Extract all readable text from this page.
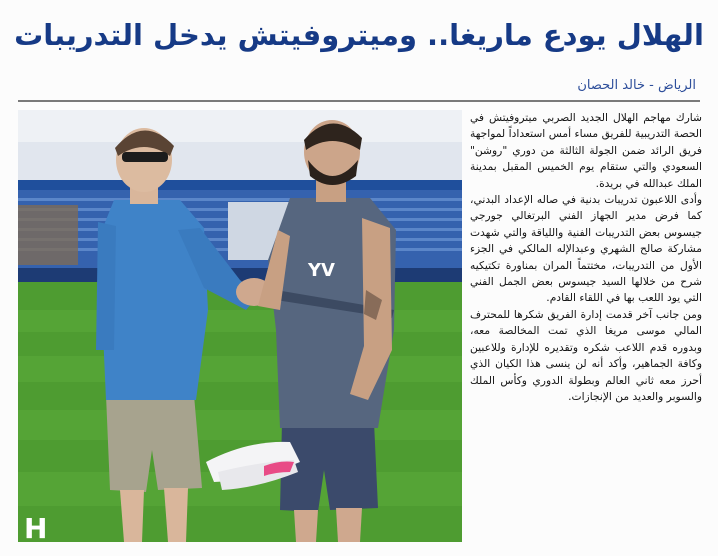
الهلال يودع ماريغا.. وميتروفيتش يدخل التدريبات
الرياض - خالد الحصان
YV
H

شارك مهاجم الهلال الجديد الصربي ميتروفيتش في الحصة التدريبية للفريق مساء أمس استعداداً لمواجهة فريق الرائد ضمن الجولة الثالثة من دوري "روشن" السعودي والتي ستقام يوم الخميس المقبل بمدينة الملك عبدالله في بريدة.

وأدى اللاعبون تدريبات بدنية في صاله الإعداد البدني، كما فرض مدير الجهاز الفني البرتغالي جورجي جيسوس بعض التدريبات الفنية واللياقة والتي شهدت مشاركة صالح الشهري وعبدالإله المالكي في الجزء الأول من التدريبات، مختتماً المران بمناورة تكتيكيه شرح من خلالها السيد جيسوس بعض الجمل الفني التي يود اللعب بها في اللقاء القادم.

ومن جانب آخر قدمت إدارة الفريق شكرها للمحترف المالي موسى مريغا الذي تمت المخالصة معه، وبدوره قدم اللاعب شكره وتقديره للإدارة وللاعبين وكافة الجماهير، وأكد أنه لن ينسى هذا الكيان الذي أحرز معه ثاني العالم وبطولة الدوري وكأس الملك والسوبر والعديد من الإنجازات.
